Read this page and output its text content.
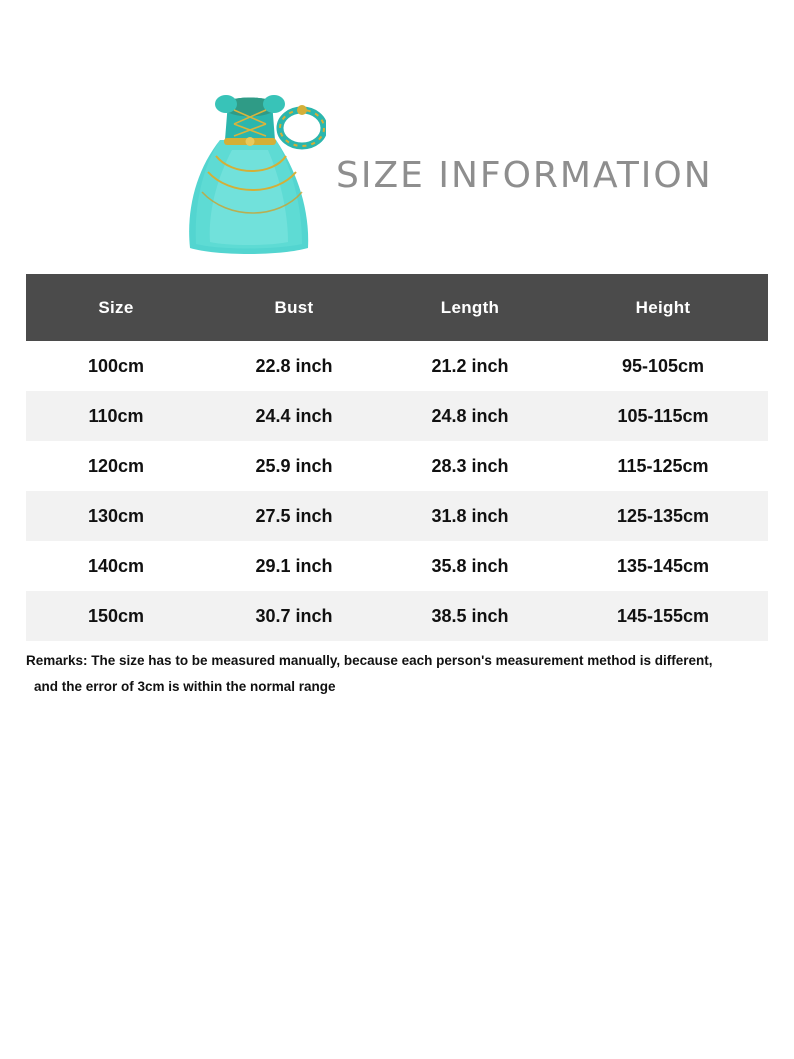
SIZE INFORMATION
Size	Bust	Length	Height
100cm	22.8 inch	21.2 inch	95-105cm
110cm	24.4 inch	24.8 inch	105-115cm
120cm	25.9 inch	28.3 inch	115-125cm
130cm	27.5 inch	31.8 inch	125-135cm
140cm	29.1 inch	35.8 inch	135-145cm
150cm	30.7 inch	38.5 inch	145-155cm
Remarks: The size has to be measured manually, because each person's measurement method is different,
and the error of 3cm is within the normal range
